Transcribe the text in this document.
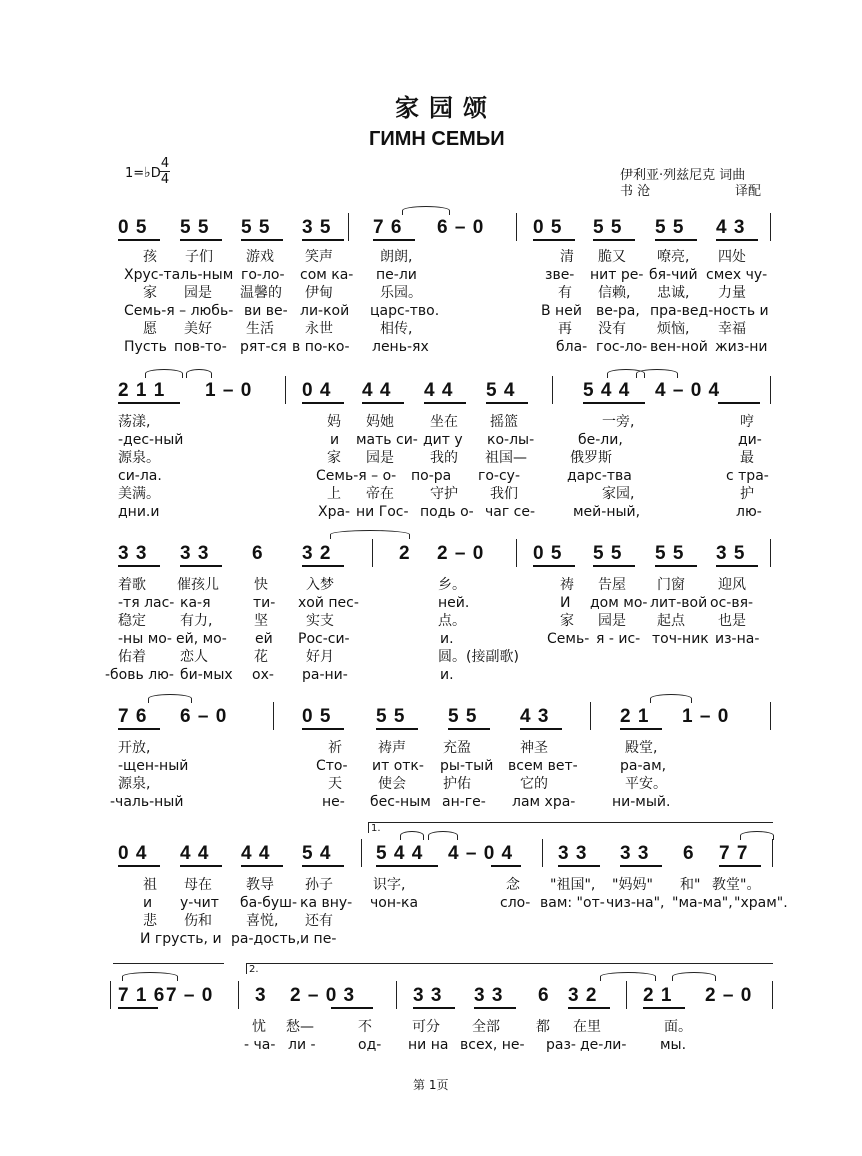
家园颂
ГИМН СЕМЬИ
1=♭D
4
4	伊利亚·列兹尼克 词曲
书 沧	译配
0 5 5 5 5 5 3 5 7 6 6 – 0	0 5 5 5 5 5 4 3
孩 子们 游戏 笑声	朗朗,	清 脆又 嘹亮, 四处
Хрус-таль-ным го-ло- сом ка- пе-ли	зве- нит ре- бя-чий смех чу-
家 园是 温馨的 伊甸	乐园。	有 信赖, 忠诚, 力量
Семь-я – любь- ви ве- ли-кой царс-тво.	В ней ве-ра, пра-вед-ность и
愿 美好 生活 永世	相传,	再 没有 烦恼, 幸福
Пусть пов-то- рят-ся в по-ко- лень-ях	бла- гос-ло- вен-ной жиз-ни
2 1 1 1 – 0	0 4 4 4 4 4 5 4	5 4 4 4 – 0 4
荡漾,	妈 妈她	坐在 摇篮	一旁,	哼
-дес-ный	и мать си- дит у ко-лы-	бе-ли,	ди-
源泉。	家 园是	我的 祖国—	俄罗斯	最
си-ла.	Семь-я – о- по-ра го-су-	дарс-тва	с тра-
美满。	上 帝在	守护 我们	家园,	护
дни.и	Хра- ни Гос- подь о- чаг се-	мей-ный,	лю-
3 3 3 3 6 3 2	2 2 – 0	0 5 5 5 5 5 3 5
着歌 催孩儿	快	入梦	乡。	祷 告屋 门窗 迎风
-тя лас- ка-я	ти- хой пес-	ней.	И дом мо- лит-вой ос-вя-
稳定 有力,	坚	实支	点。	家 园是 起点 也是
-ны мо- ей, мо- ей Рос-си-	и.	Семь- я - ис- точ-ник из-на-
佑着 恋人	花	好月	圆。(接副歌)
-бовь лю- би-мых ох- ра-ни-	и.
7 6 6 – 0	0 5 5 5 5 5 4 3	2 1 1 – 0
开放,	祈	祷声	充盈	神圣	殿堂,
-щен-ный	Сто- ит отк- ры-тый всем вет-	ра-ам,
源泉,	天	使会	护佑	它的	平安。
-чаль-ный	не- бес-ным ан-ге- лам хра-	ни-мый.
1.
0 4 4 4 4 4 5 4 5 4 4 4 – 0 4 3 3 3 3 6 7 7
祖 母在 教导 孙子	识字,	念 "祖国", "妈妈" 和" 教堂"。
и у-чит ба-буш- ка вну- чон-ка	сло- вам: "от- чиз-на", "ма-ма", "храм".
悲 伤和 喜悦, 还有
И грусть, и ра-дость, и пе-
2.
7 1 6 7 – 0 3 2 – 0 3	3 3 3 3 6 3 2 2 1 2 – 0
忧 愁—	不	可分 全部	都 在里	面。
- ча- ли -	од- ни на всех, не- раз- де-ли- мы.
第 1页
